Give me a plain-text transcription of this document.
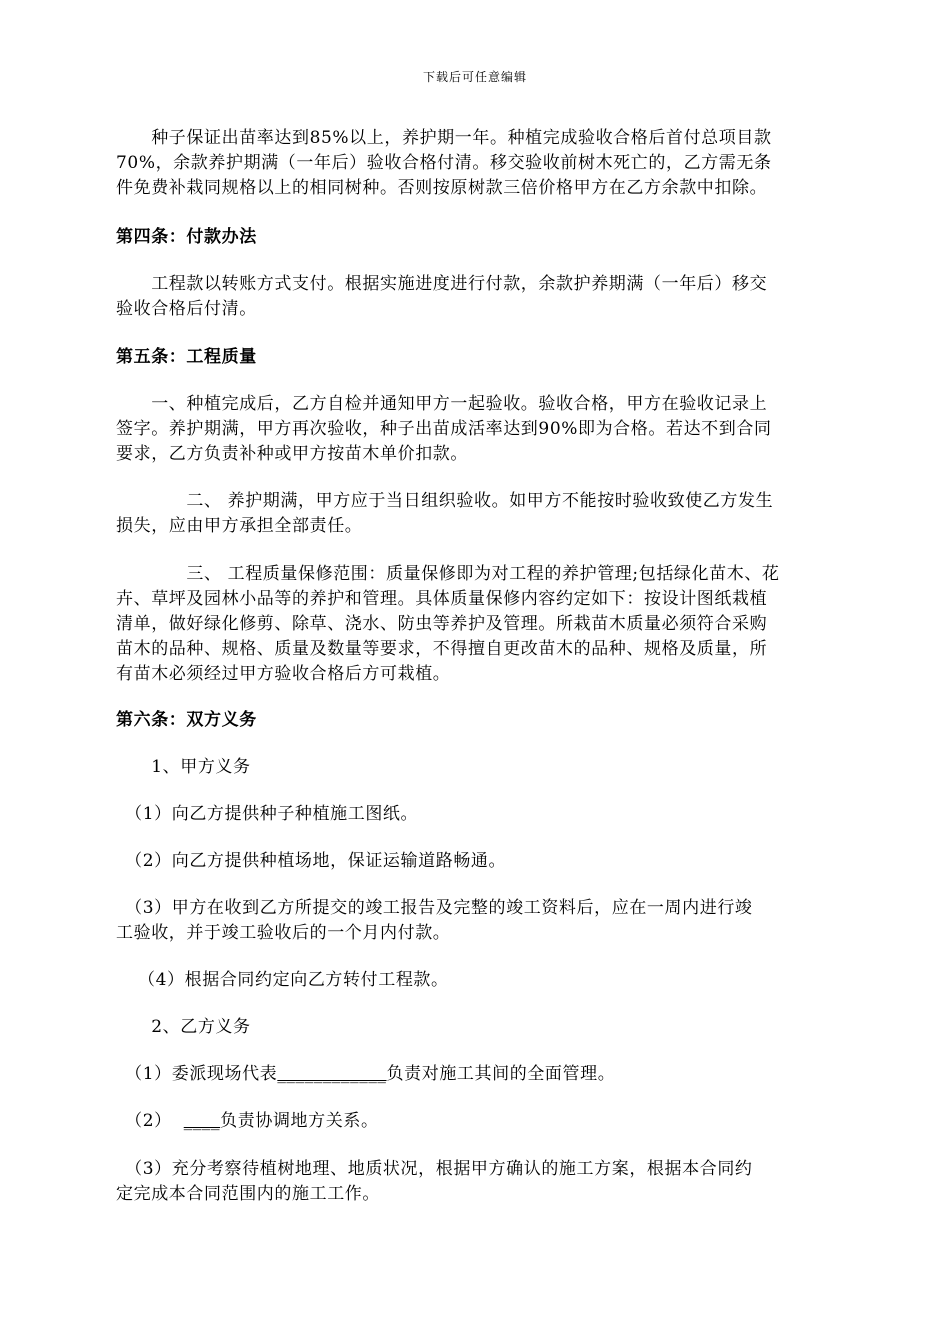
下载后可任意编辑

　　种子保证出苗率达到85%以上，养护期一年。种植完成验收合格后首付总项目款

70%，余款养护期满（一年后）验收合格付清。移交验收前树木死亡的，乙方需无条

件免费补栽同规格以上的相同树种。否则按原树款三倍价格甲方在乙方余款中扣除。

第四条：付款办法

　　工程款以转账方式支付。根据实施进度进行付款，余款护养期满（一年后）移交

验收合格后付清。

第五条：工程质量

　　一、种植完成后，乙方自检并通知甲方一起验收。验收合格，甲方在验收记录上

签字。养护期满，甲方再次验收，种子出苗成活率达到90%即为合格。若达不到合同

要求，乙方负责补种或甲方按苗木单价扣款。

　　　　二、 养护期满，甲方应于当日组织验收。如甲方不能按时验收致使乙方发生

损失，应由甲方承担全部责任。

　　　　三、 工程质量保修范围：质量保修即为对工程的养护管理;包括绿化苗木、花

卉、草坪及园林小品等的养护和管理。具体质量保修内容约定如下：按设计图纸栽植

清单，做好绿化修剪、除草、浇水、防虫等养护及管理。所栽苗木质量必须符合采购

苗木的品种、规格、质量及数量等要求，不得擅自更改苗木的品种、规格及质量，所

有苗木必须经过甲方验收合格后方可栽植。

第六条：双方义务

　　1、甲方义务

　（1）向乙方提供种子种植施工图纸。

　（2）向乙方提供种植场地，保证运输道路畅通。

　（3）甲方在收到乙方所提交的竣工报告及完整的竣工资料后，应在一周内进行竣

工验收，并于竣工验收后的一个月内付款。

（4）根据合同约定向乙方转付工程款。

　　2、乙方义务

　（1）委派现场代表____________负责对施工其间的全面管理。

　（2） ____负责协调地方关系。

　（3）充分考察待植树地理、地质状况，根据甲方确认的施工方案，根据本合同约

定完成本合同范围内的施工工作。
